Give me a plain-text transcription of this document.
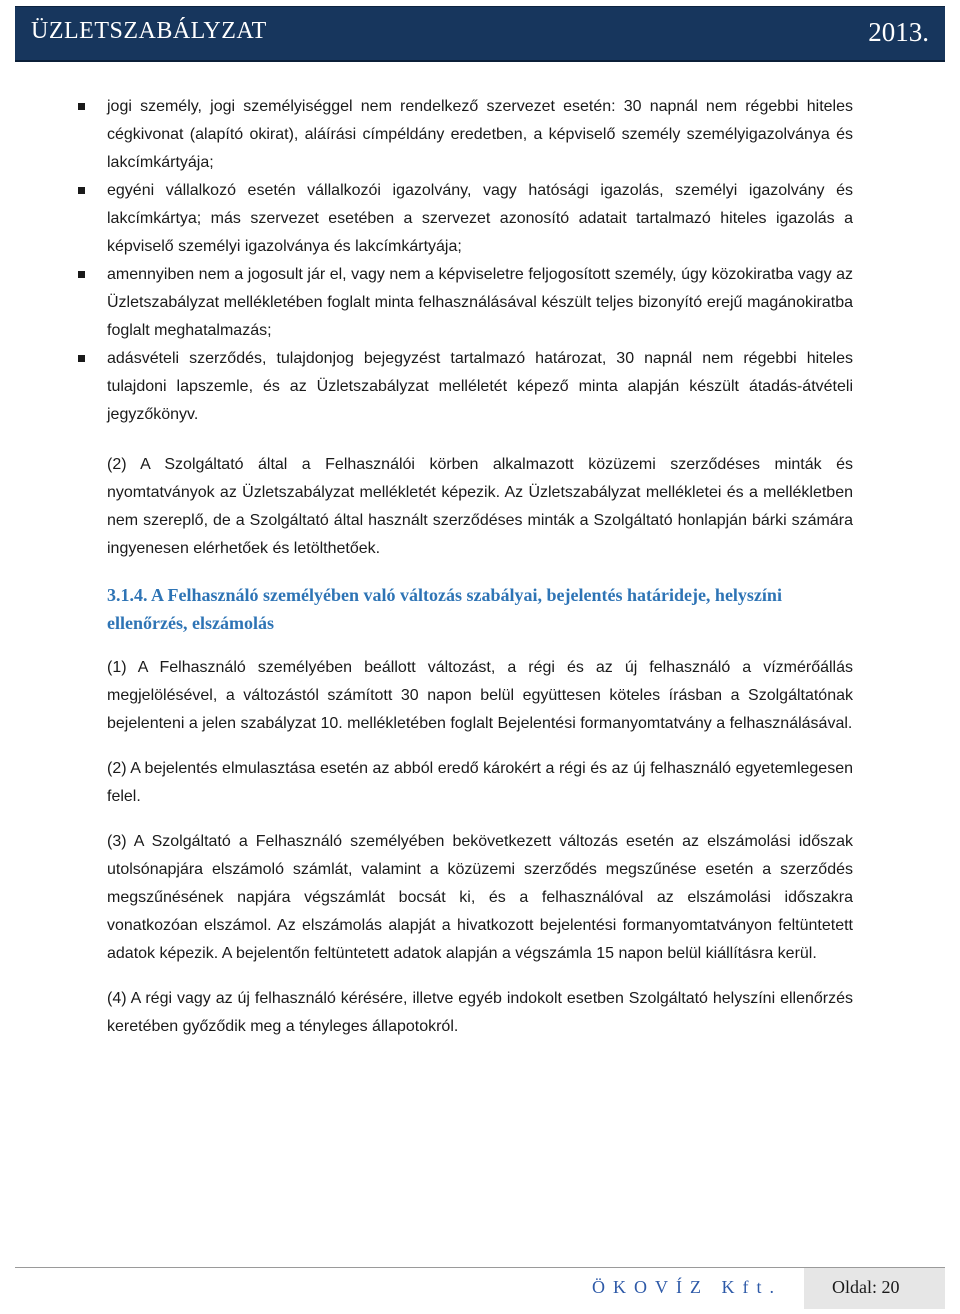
ÜZLETSZABÁLYZAT	2013.
jogi személy, jogi személyiséggel nem rendelkező szervezet esetén: 30 napnál nem régebbi hiteles cégkivonat (alapító okirat), aláírási címpéldány eredetben, a képviselő személy személyigazolványa és lakcímkártyája;
egyéni vállalkozó esetén vállalkozói igazolvány, vagy hatósági igazolás, személyi igazolvány és lakcímkártya; más szervezet esetében a szervezet azonosító adatait tartalmazó hiteles igazolás a képviselő személyi igazolványa és lakcímkártyája;
amennyiben nem a jogosult jár el, vagy nem a képviseletre feljogosított személy, úgy közokiratba vagy az Üzletszabályzat mellékletében foglalt minta felhasználásával készült teljes bizonyító erejű magánokiratba foglalt meghatalmazás;
adásvételi szerződés, tulajdonjog bejegyzést tartalmazó határozat, 30 napnál nem régebbi hiteles tulajdoni lapszemle, és az Üzletszabályzat melléletét képező minta alapján készült átadás-átvételi jegyzőkönyv.

(2) A Szolgáltató által a Felhasználói körben alkalmazott közüzemi szerződéses minták és nyomtatványok az Üzletszabályzat mellékletét képezik. Az Üzletszabályzat mellékletei és a mellékletben nem szereplő, de a Szolgáltató által használt szerződéses minták a Szolgáltató honlapján bárki számára ingyenesen elérhetőek és letölthetőek.

3.1.4. A Felhasználó személyében való változás szabályai, bejelentés határideje, helyszíni ellenőrzés, elszámolás

(1) A Felhasználó személyében beállott változást, a régi és az új felhasználó a vízmérőállás megjelölésével, a változástól számított 30 napon belül együttesen köteles írásban a Szolgáltatónak bejelenteni a jelen szabályzat 10. mellékletében foglalt Bejelentési formanyomtatvány a felhasználásával.

(2) A bejelentés elmulasztása esetén az abból eredő károkért a régi és az új felhasználó egyetemlegesen felel.

(3) A Szolgáltató a Felhasználó személyében bekövetkezett változás esetén az elszámolási időszak utolsónapjára elszámoló számlát, valamint a közüzemi szerződés megszűnése esetén a szerződés megszűnésének napjára végszámlát bocsát ki, és a felhasználóval az elszámolási időszakra vonatkozóan elszámol. Az elszámolás alapját a hivatkozott bejelentési formanyomtatványon feltüntetett adatok képezik. A bejelentőn feltüntetett adatok alapján a végszámla 15 napon belül kiállításra kerül.

(4) A régi vagy az új felhasználó kérésére, illetve egyéb indokolt esetben Szolgáltató helyszíni ellenőrzés keretében győződik meg a tényleges állapotokról.

ÖKOVÍZ Kft.	Oldal: 20
